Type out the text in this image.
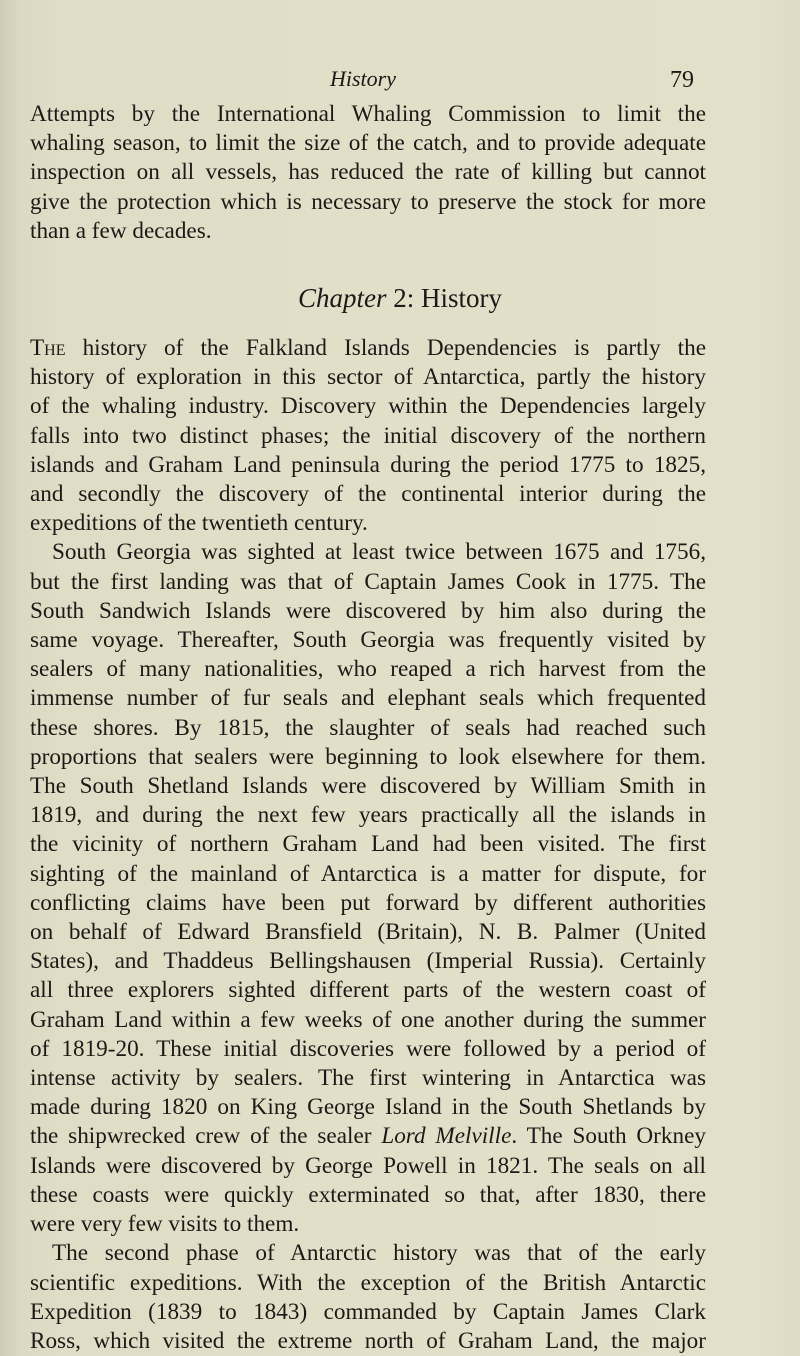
History	79
Attempts by the International Whaling Commission to limit the
whaling season, to limit the size of the catch, and to provide adequate
inspection on all vessels, has reduced the rate of killing but cannot
give the protection which is necessary to preserve the stock for more
than a few decades.
Chapter 2: History
The history of the Falkland Islands Dependencies is partly the
history of exploration in this sector of Antarctica, partly the history
of the whaling industry. Discovery within the Dependencies largely
falls into two distinct phases; the initial discovery of the northern
islands and Graham Land peninsula during the period 1775 to 1825,
and secondly the discovery of the continental interior during the
expeditions of the twentieth century.
South Georgia was sighted at least twice between 1675 and 1756,
but the first landing was that of Captain James Cook in 1775. The
South Sandwich Islands were discovered by him also during the
same voyage. Thereafter, South Georgia was frequently visited by
sealers of many nationalities, who reaped a rich harvest from the
immense number of fur seals and elephant seals which frequented
these shores. By 1815, the slaughter of seals had reached such
proportions that sealers were beginning to look elsewhere for them.
The South Shetland Islands were discovered by William Smith in
1819, and during the next few years practically all the islands in
the vicinity of northern Graham Land had been visited. The first
sighting of the mainland of Antarctica is a matter for dispute, for
conflicting claims have been put forward by different authorities
on behalf of Edward Bransfield (Britain), N. B. Palmer (United
States), and Thaddeus Bellingshausen (Imperial Russia). Certainly
all three explorers sighted different parts of the western coast of
Graham Land within a few weeks of one another during the summer
of 1819-20. These initial discoveries were followed by a period of
intense activity by sealers. The first wintering in Antarctica was
made during 1820 on King George Island in the South Shetlands by
the shipwrecked crew of the sealer Lord Melville. The South Orkney
Islands were discovered by George Powell in 1821. The seals on all
these coasts were quickly exterminated so that, after 1830, there
were very few visits to them.
The second phase of Antarctic history was that of the early
scientific expeditions. With the exception of the British Antarctic
Expedition (1839 to 1843) commanded by Captain James Clark
Ross, which visited the extreme north of Graham Land, the major
